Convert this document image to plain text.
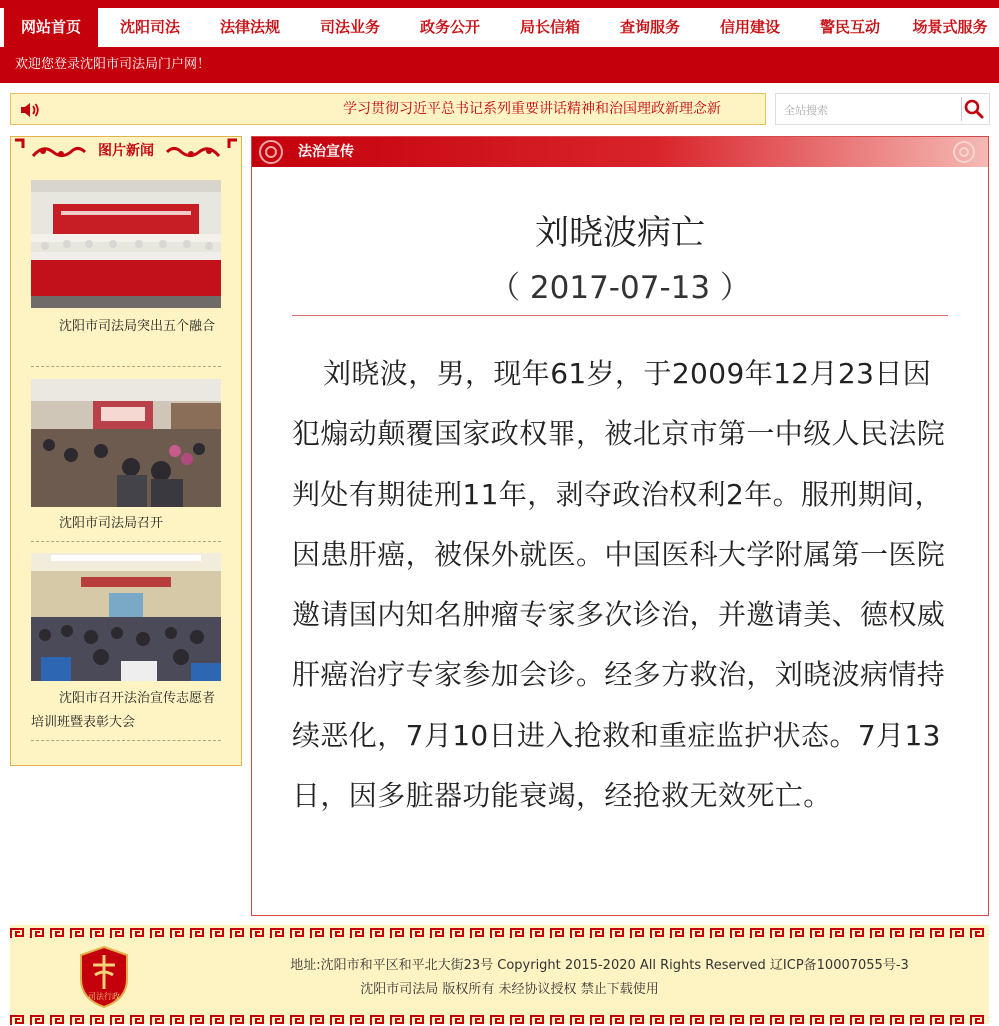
网站首页	沈阳司法	法律法规	司法业务	政务公开	局长信箱	查询服务	信用建设	警民互动	场景式服务
欢迎您登录沈阳市司法局门户网！
学习贯彻习近平总书记系列重要讲话精神和治国理政新理念新
全站搜索
图片新闻
沈阳市司法局突出五个融合
沈阳市司法局召开
沈阳市召开法治宣传志愿者培训班暨表彰大会
法治宣传
刘晓波病亡
（ 2017-07-13 ）
刘晓波，男，现年61岁，于2009年12月23日因犯煽动颠覆国家政权罪，被北京市第一中级人民法院判处有期徒刑11年，剥夺政治权利2年。服刑期间，因患肝癌，被保外就医。中国医科大学附属第一医院邀请国内知名肿瘤专家多次诊治，并邀请美、德权威肝癌治疗专家参加会诊。经多方救治，刘晓波病情持续恶化，7月10日进入抢救和重症监护状态。7月13日，因多脏器功能衰竭，经抢救无效死亡。
司法行政
地址:沈阳市和平区和平北大街23号 Copyright 2015-2020 All Rights Reserved 辽ICP备10007055号-3
沈阳市司法局 版权所有 未经协议授权 禁止下载使用
